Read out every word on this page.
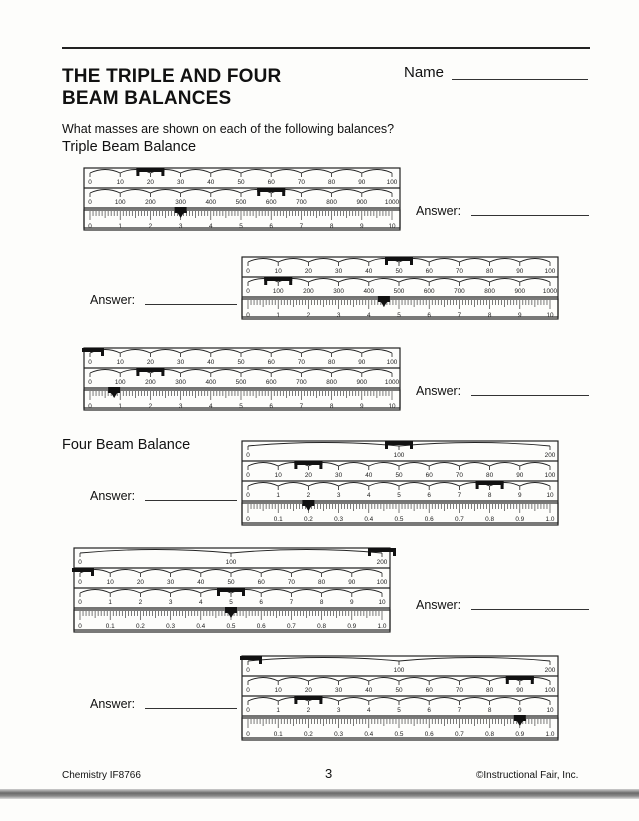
THE TRIPLE AND FOUR
BEAM BALANCES
Name
What masses are shown on each of the following balances?
Triple Beam Balance
Four Beam Balance
0	10	20	30	40	50	60	70	80	90	100
0	100	200	300	400	500	600	700	800	900	1000
0	1	2	3	4	5	6	7	8	9	10
Answer:
0	10	20	30	40	50	60	70	80	90	100
0	100	200	300	400	500	600	700	800	900	1000
0	1	2	3	4	5	6	7	8	9	10
Answer:
0	10	20	30	40	50	60	70	80	90	100
0	100	200	300	400	500	600	700	800	900	1000
0	1	2	3	4	5	6	7	8	9	10
Answer:
0	100	200
0	10	20	30	40	50	60	70	80	90	100
0	1	2	3	4	5	6	7	8	9	10
0	0.1	0.2	0.3	0.4	0.5	0.6	0.7	0.8	0.9	1.0
Answer:
0	100	200
0	10	20	30	40	50	60	70	80	90	100
0	1	2	3	4	5	6	7	8	9	10
0	0.1	0.2	0.3	0.4	0.5	0.6	0.7	0.8	0.9	1.0
Answer:
0	100	200
0	10	20	30	40	50	60	70	80	90	100
0	1	2	3	4	5	6	7	8	9	10
0	0.1	0.2	0.3	0.4	0.5	0.6	0.7	0.8	0.9	1.0
Answer:
Chemistry IF8766	3	©Instructional Fair, Inc.
